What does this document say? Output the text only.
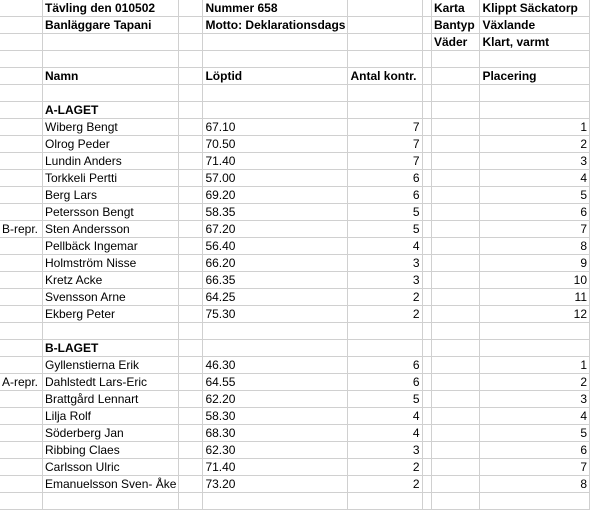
	Tävling den 010502		Nummer 658			Karta	Klippt Säckatorp
	Banläggare Tapani		Motto: Deklarationsdags			Bantyp	Växlande
						Väder	Klart, varmt

	Namn		Löptid	Antal kontr.			Placering

	A-LAGET						
	Wiberg Bengt		67.10	7			1
	Olrog Peder		70.50	7			2
	Lundin Anders		71.40	7			3
	Torkkeli Pertti		57.00	6			4
	Berg Lars		69.20	6			5
	Petersson Bengt		58.35	5			6
B-repr.	Sten Andersson		67.20	5			7
	Pellbäck Ingemar		56.40	4			8
	Holmström Nisse		66.20	3			9
	Kretz Acke		66.35	3			10
	Svensson Arne		64.25	2			11
	Ekberg Peter		75.30	2			12

	B-LAGET						
	Gyllenstierna Erik		46.30	6			1
A-repr.	Dahlstedt Lars-Eric		64.55	6			2
	Brattgård Lennart		62.20	5			3
	Lilja Rolf		58.30	4			4
	Söderberg Jan		68.30	4			5
	Ribbing Claes		62.30	3			6
	Carlsson Ulric		71.40	2			7
	Emanuelsson Sven- Åke		73.20	2			8
